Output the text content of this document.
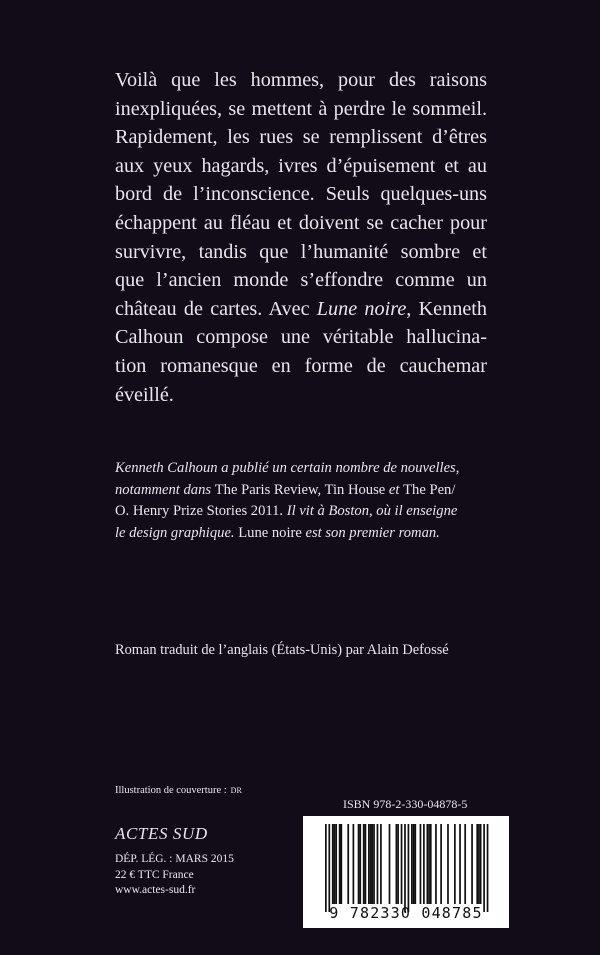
Voilà que les hommes, pour des raisons

inexpliquées, se mettent à perdre le sommeil.

Rapidement, les rues se remplissent d’êtres

aux yeux hagards, ivres d’épuisement et au

bord de l’inconscience. Seuls quelques-uns

échappent au fléau et doivent se cacher pour

survivre, tandis que l’humanité sombre et

que l’ancien monde s’effondre comme un

château de cartes. Avec Lune noire, Kenneth

Calhoun compose une véritable hallucina-

tion romanesque en forme de cauchemar

éveillé.

Kenneth Calhoun a publié un certain nombre de nouvelles,
notamment dans The Paris Review, Tin House et The Pen/
O. Henry Prize Stories 2011. Il vit à Boston, où il enseigne
le design graphique. Lune noire est son premier roman.
Roman traduit de l’anglais (États-Unis) par Alain Defossé
Illustration de couverture : DR
ISBN 978-2-330-04878-5
9 782330 048785
ACTES SUD
DÉP. LÉG. : MARS 2015
22 € TTC France
www.actes-sud.fr
